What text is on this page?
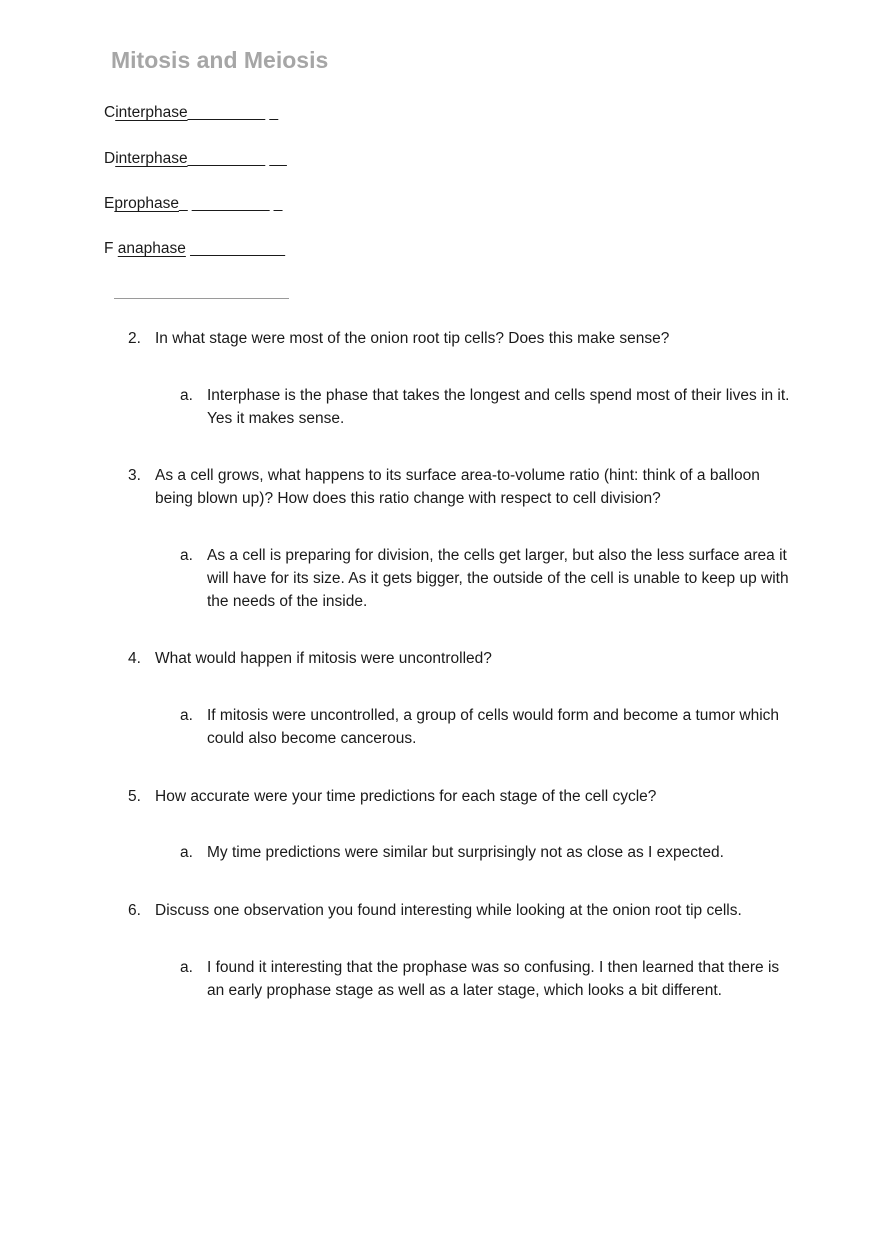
Mitosis and Meiosis
Cinterphase_________ _
Dinterphase_________ __
Eprophase_ _________ _
F anaphase ___________
2. In what stage were most of the onion root tip cells? Does this make sense?
a. Interphase is the phase that takes the longest and cells spend most of their lives in it. Yes it makes sense.
3. As a cell grows, what happens to its surface area-to-volume ratio (hint: think of a balloon being blown up)? How does this ratio change with respect to cell division?
a. As a cell is preparing for division, the cells get larger, but also the less surface area it will have for its size. As it gets bigger, the outside of the cell is unable to keep up with the needs of the inside.
4. What would happen if mitosis were uncontrolled?
a. If mitosis were uncontrolled, a group of cells would form and become a tumor which could also become cancerous.
5. How accurate were your time predictions for each stage of the cell cycle?
a. My time predictions were similar but surprisingly not as close as I expected.
6. Discuss one observation you found interesting while looking at the onion root tip cells.
a. I found it interesting that the prophase was so confusing. I then learned that there is an early prophase stage as well as a later stage, which looks a bit different.
